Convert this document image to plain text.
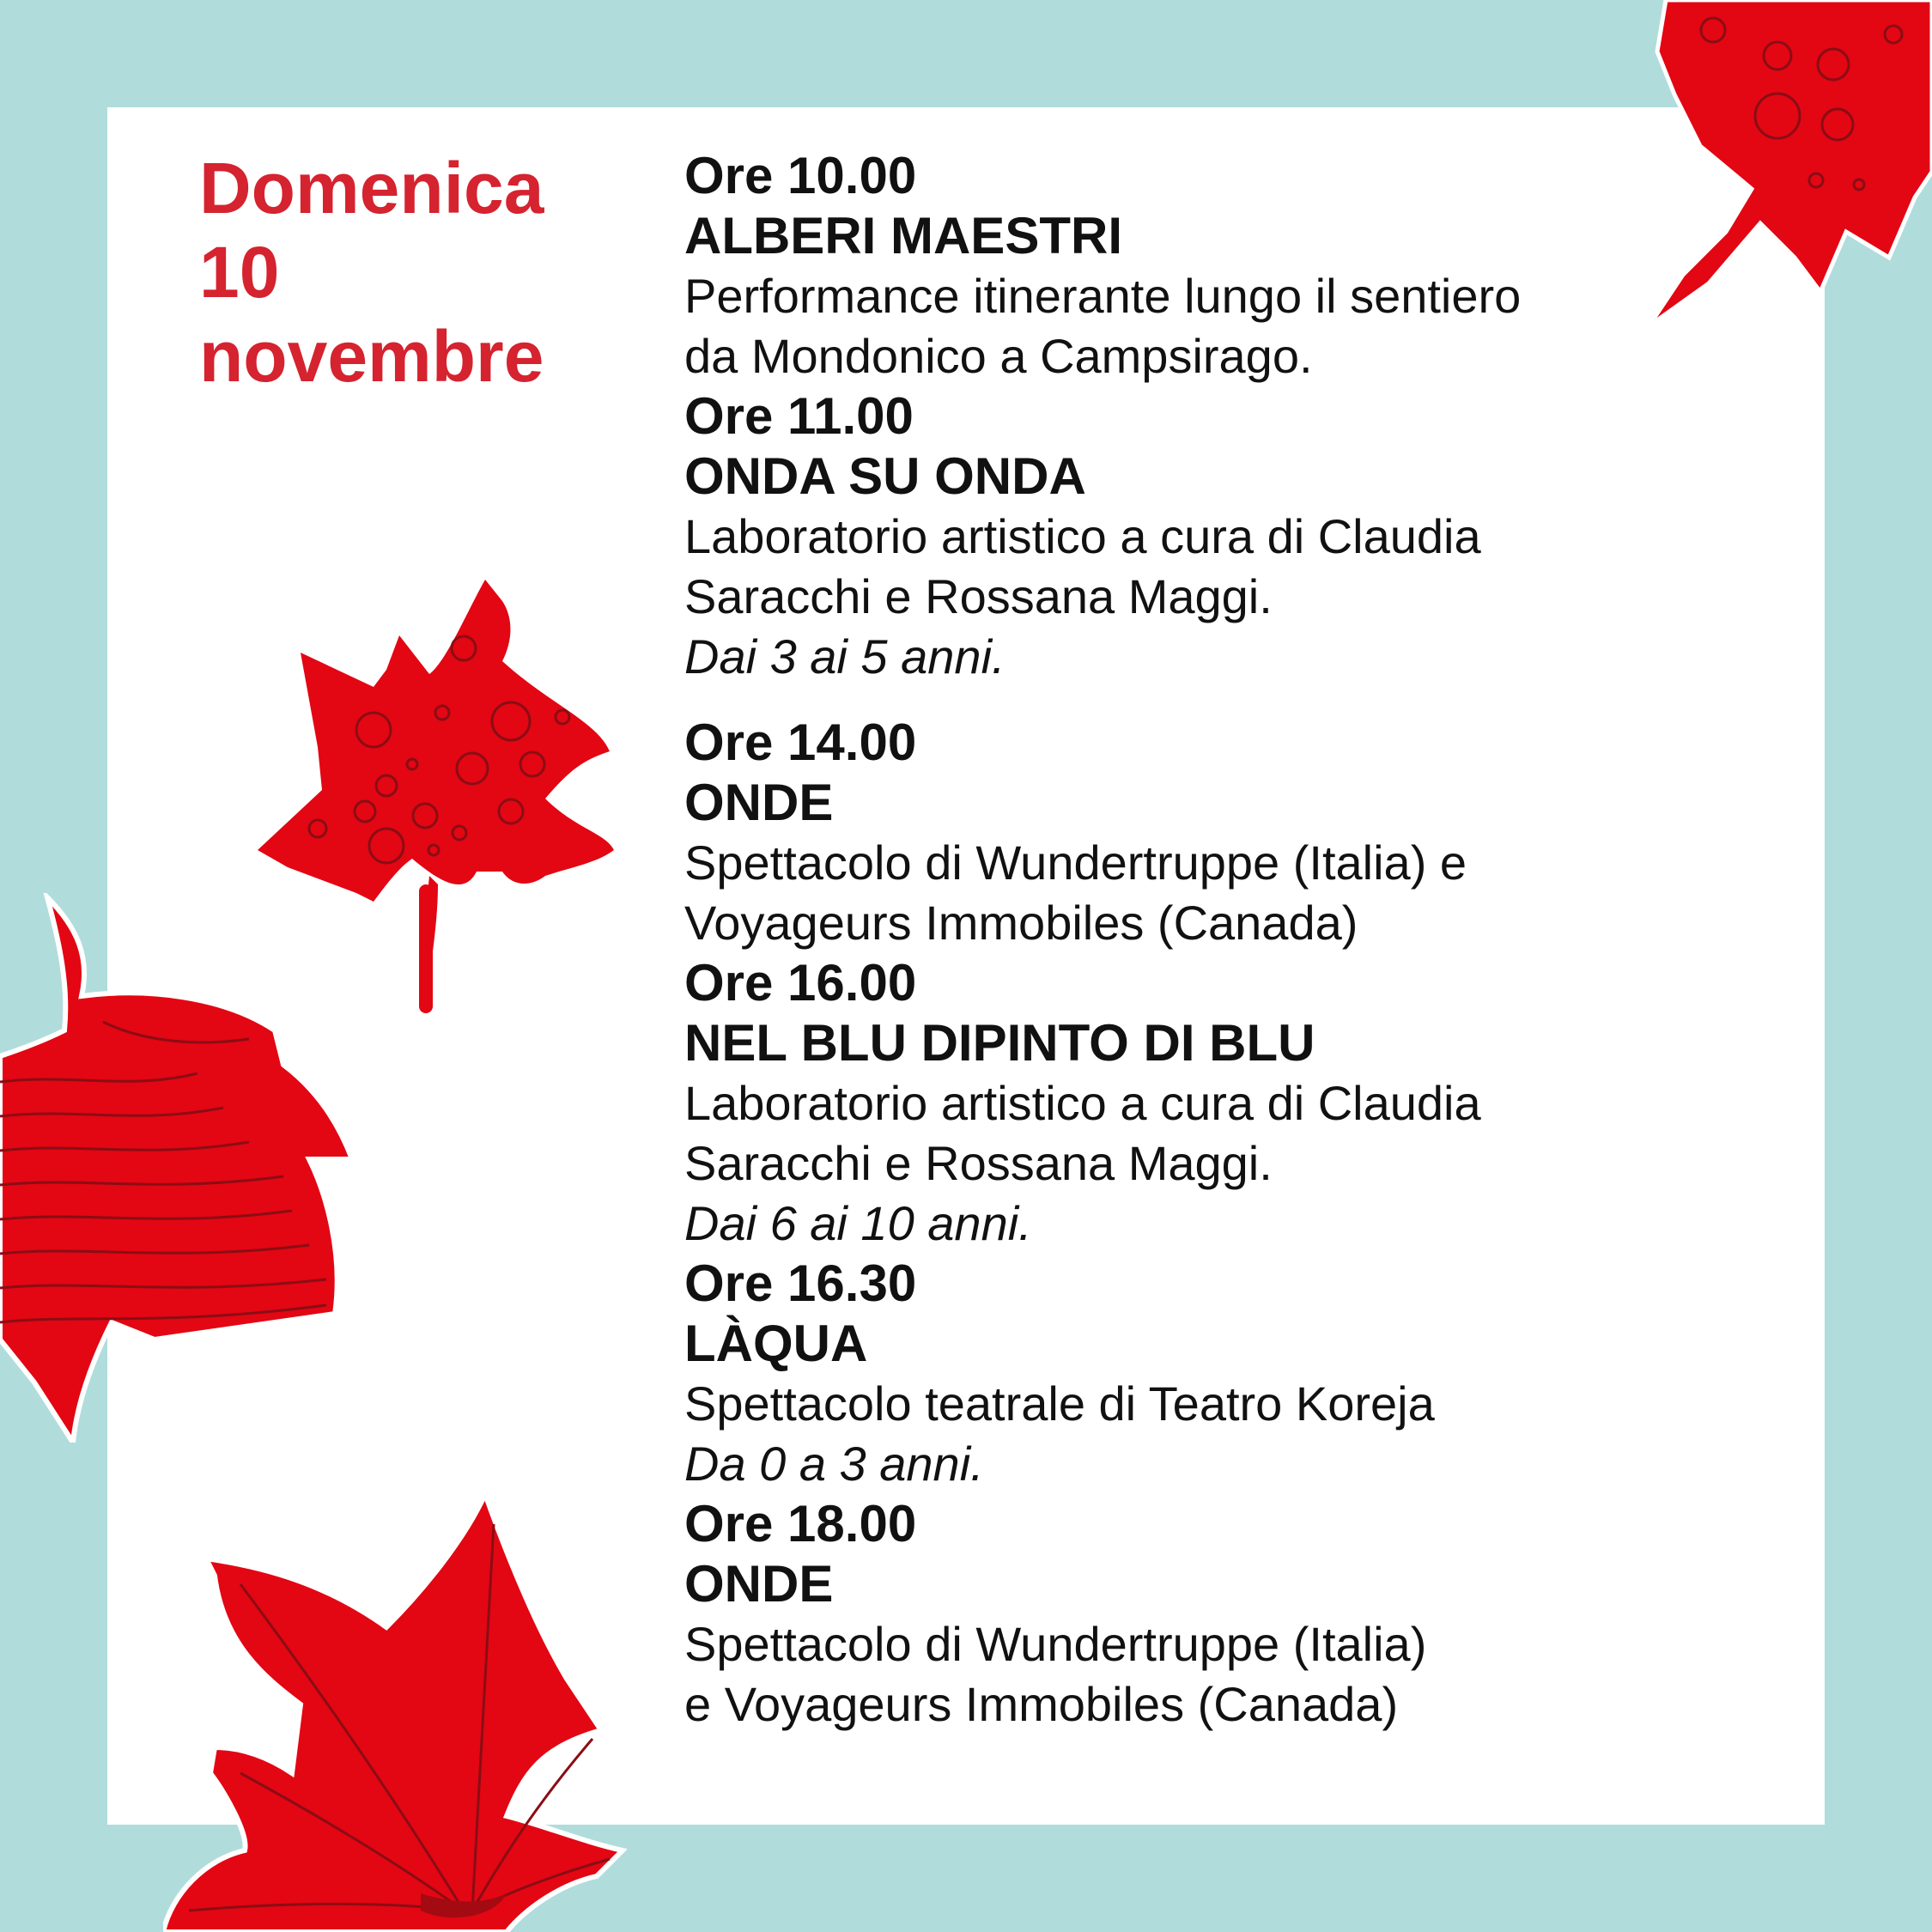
Domenica
10
novembre
Ore 10.00
ALBERI MAESTRI
Performance itinerante lungo il sentiero
da Mondonico a Campsirago.
Ore 11.00
ONDA SU ONDA
Laboratorio artistico a cura di Claudia
Saracchi e Rossana Maggi.
Dai 3 ai 5 anni.
Ore 14.00
ONDE
Spettacolo di Wundertruppe (Italia) e
Voyageurs Immobiles (Canada)
Ore 16.00
NEL BLU DIPINTO DI BLU
Laboratorio artistico a cura di Claudia
Saracchi e Rossana Maggi.
Dai 6 ai 10 anni.
Ore 16.30
LÀQUA
Spettacolo teatrale di Teatro Koreja
Da 0 a 3 anni.
Ore 18.00
ONDE
Spettacolo di Wundertruppe (Italia)
e Voyageurs Immobiles (Canada)
